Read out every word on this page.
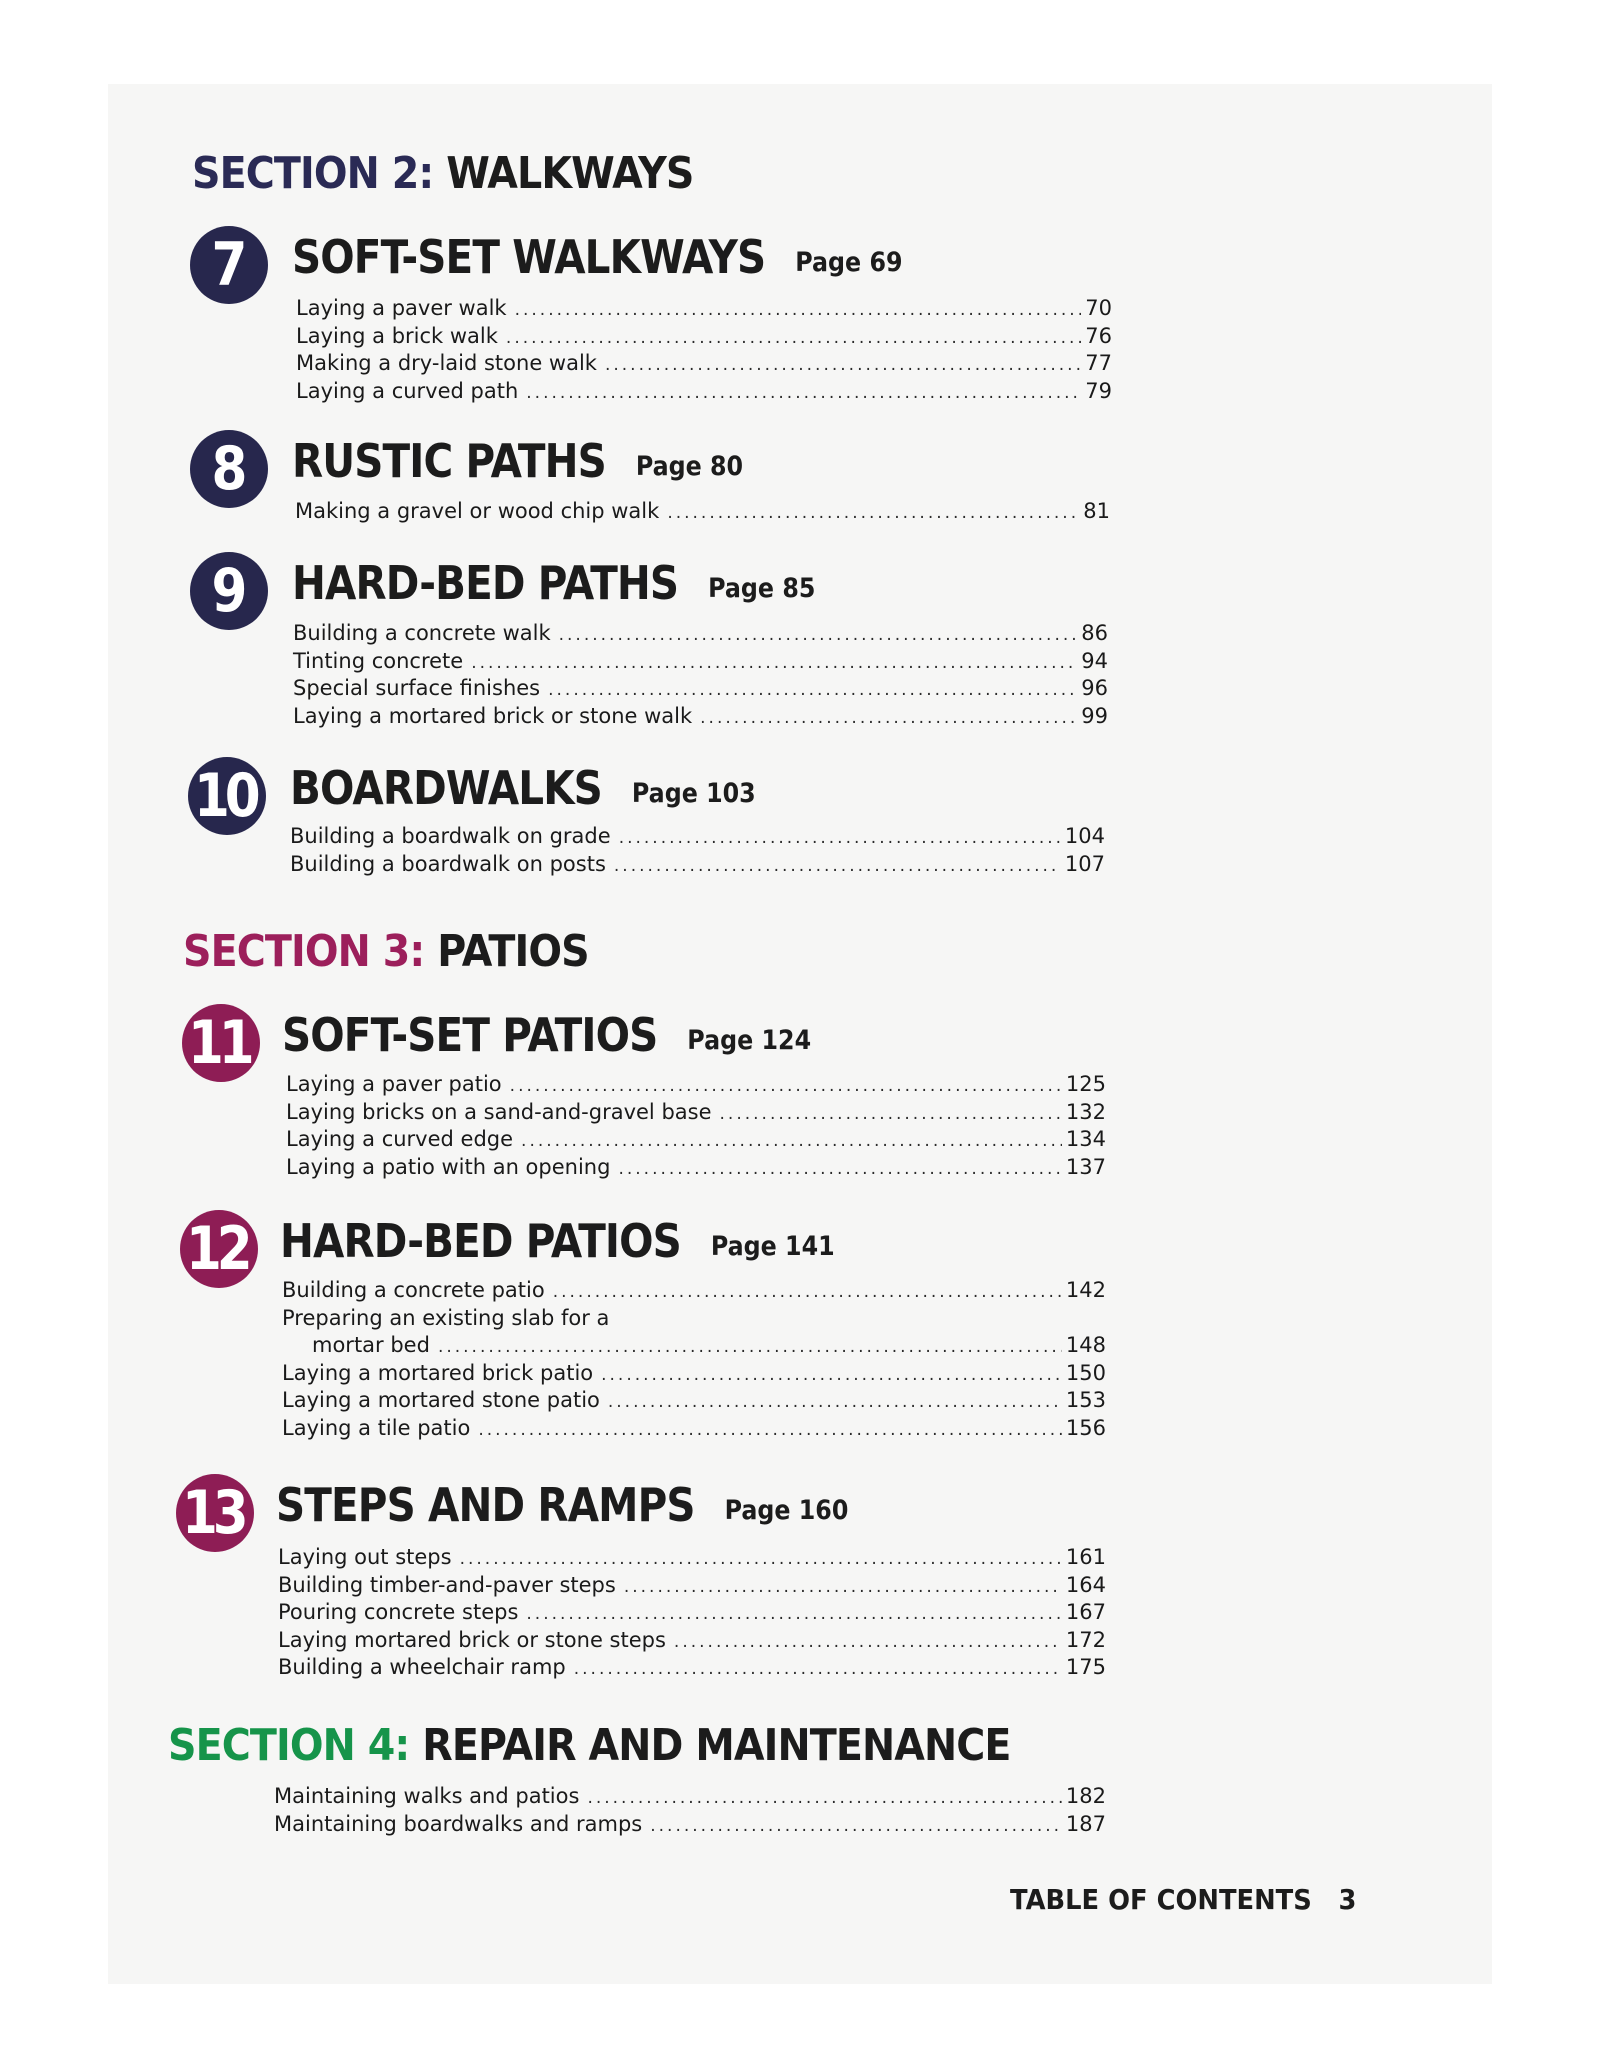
SECTION 2: WALKWAYS
7 SOFT-SET WALKWAYS Page 69
Laying a paver walk .....	70
Laying a brick walk .....	76
Making a dry-laid stone walk .....	77
Laying a curved path .....	79
8 RUSTIC PATHS Page 80
Making a gravel or wood chip walk .....	81
9 HARD-BED PATHS Page 85
Building a concrete walk .....	86
Tinting concrete .....	94
Special surface finishes .....	96
Laying a mortared brick or stone walk .....	99
10 BOARDWALKS Page 103
Building a boardwalk on grade .....	104
Building a boardwalk on posts .....	107
SECTION 3: PATIOS
11 SOFT-SET PATIOS Page 124
Laying a paver patio .....	125
Laying bricks on a sand-and-gravel base .....	132
Laying a curved edge .....	134
Laying a patio with an opening .....	137
12 HARD-BED PATIOS Page 141
Building a concrete patio .....	142
Preparing an existing slab for a
mortar bed .....	148
Laying a mortared brick patio .....	150
Laying a mortared stone patio .....	153
Laying a tile patio .....	156
13 STEPS AND RAMPS Page 160
Laying out steps .....	161
Building timber-and-paver steps .....	164
Pouring concrete steps .....	167
Laying mortared brick or stone steps .....	172
Building a wheelchair ramp .....	175
SECTION 4: REPAIR AND MAINTENANCE
Maintaining walks and patios .....	182
Maintaining boardwalks and ramps .....	187
TABLE OF CONTENTS 3
